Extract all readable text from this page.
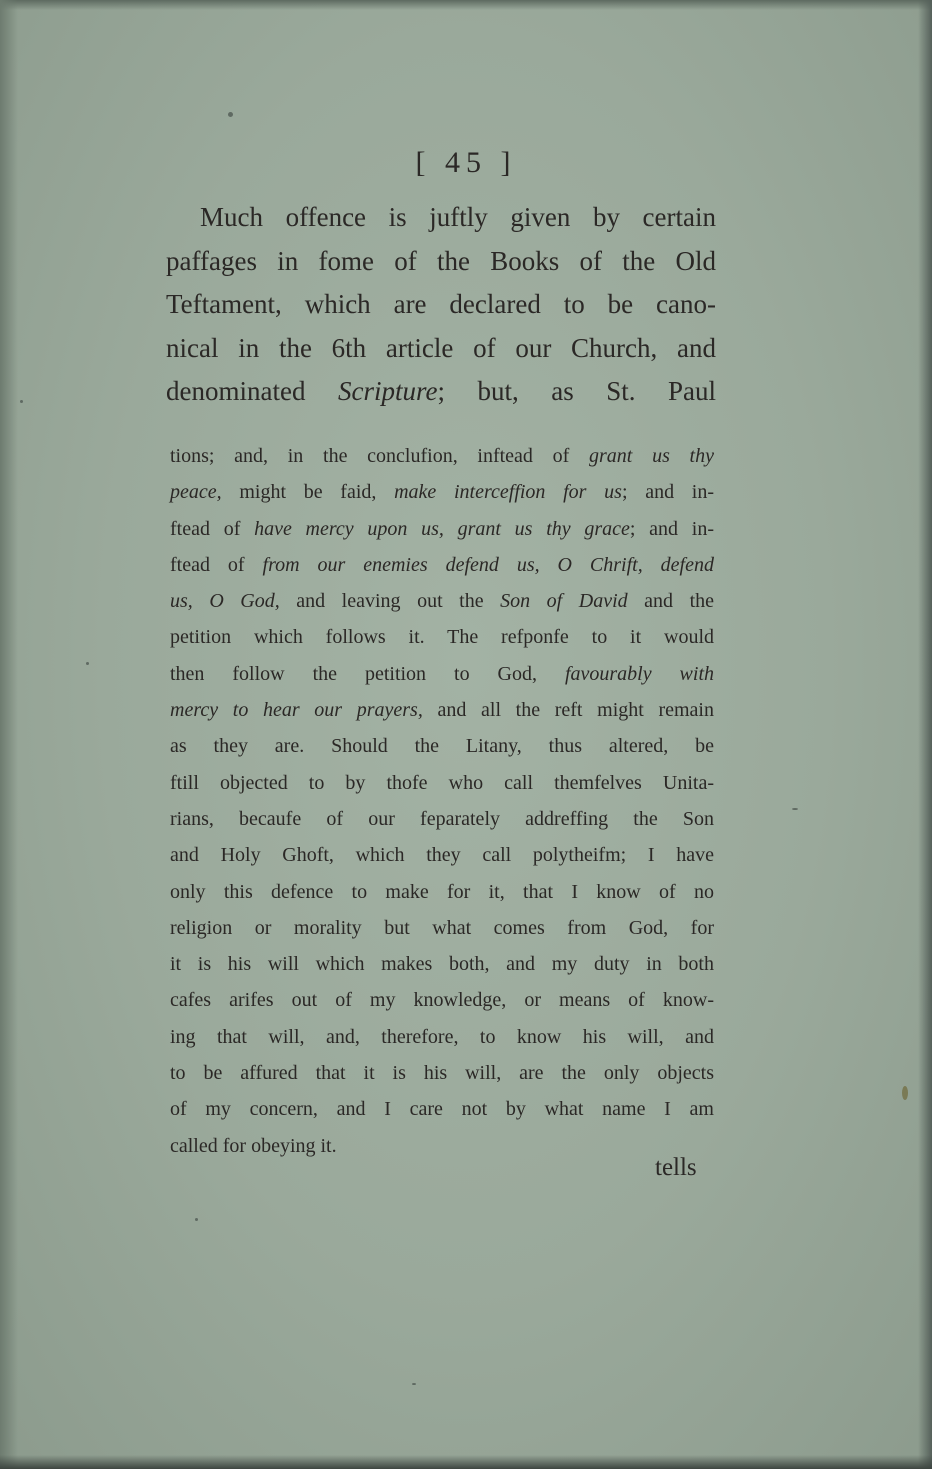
[ 45 ]
Much offence is juftly given by certain
paffages in fome of the Books of the Old
Teftament, which are declared to be cano-
nical in the 6th article of our Church, and
denominated Scripture; but, as St. Paul
tions; and, in the conclufion, inftead of grant us thy
peace, might be faid, make interceffion for us; and in-
ftead of have mercy upon us, grant us thy grace; and in-
ftead of from our enemies defend us, O Chrift, defend
us, O God, and leaving out the Son of David and the
petition which follows it. The refponfe to it would
then follow the petition to God, favourably with
mercy to hear our prayers, and all the reft might remain
as they are. Should the Litany, thus altered, be
ftill objected to by thofe who call themfelves Unita-
rians, becaufe of our feparately addreffing the Son
and Holy Ghoft, which they call polytheifm; I have
only this defence to make for it, that I know of no
religion or morality but what comes from God, for
it is his will which makes both, and my duty in both
cafes arifes out of my knowledge, or means of know-
ing that will, and, therefore, to know his will, and
to be affured that it is his will, are the only objects
of my concern, and I care not by what name I am
called for obeying it.
tells
